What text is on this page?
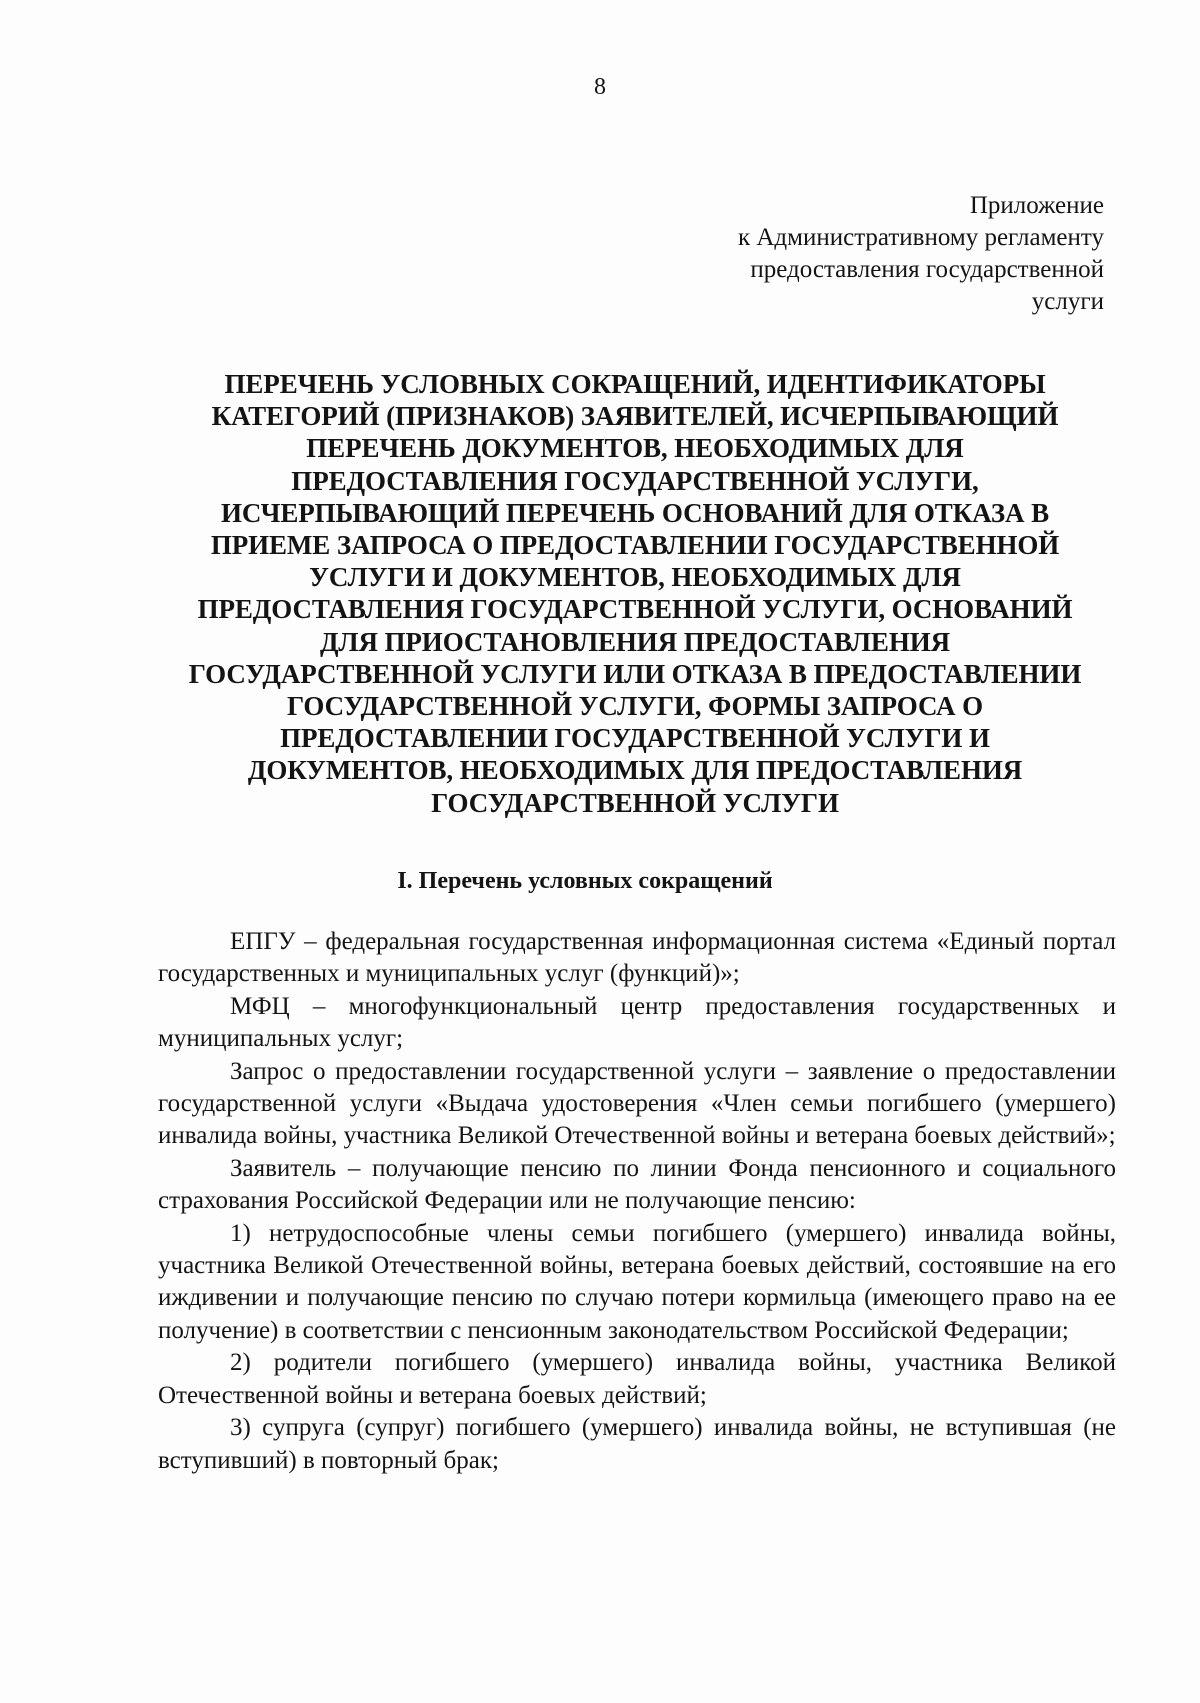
8
Приложение
к Административному регламенту
предоставления государственной
услуги
ПЕРЕЧЕНЬ УСЛОВНЫХ СОКРАЩЕНИЙ, ИДЕНТИФИКАТОРЫ
КАТЕГОРИЙ (ПРИЗНАКОВ) ЗАЯВИТЕЛЕЙ, ИСЧЕРПЫВАЮЩИЙ
ПЕРЕЧЕНЬ ДОКУМЕНТОВ, НЕОБХОДИМЫХ ДЛЯ
ПРЕДОСТАВЛЕНИЯ ГОСУДАРСТВЕННОЙ УСЛУГИ,
ИСЧЕРПЫВАЮЩИЙ ПЕРЕЧЕНЬ ОСНОВАНИЙ ДЛЯ ОТКАЗА В
ПРИЕМЕ ЗАПРОСА О ПРЕДОСТАВЛЕНИИ ГОСУДАРСТВЕННОЙ
УСЛУГИ И ДОКУМЕНТОВ, НЕОБХОДИМЫХ ДЛЯ
ПРЕДОСТАВЛЕНИЯ ГОСУДАРСТВЕННОЙ УСЛУГИ, ОСНОВАНИЙ
ДЛЯ ПРИОСТАНОВЛЕНИЯ ПРЕДОСТАВЛЕНИЯ
ГОСУДАРСТВЕННОЙ УСЛУГИ ИЛИ ОТКАЗА В ПРЕДОСТАВЛЕНИИ
ГОСУДАРСТВЕННОЙ УСЛУГИ, ФОРМЫ ЗАПРОСА О
ПРЕДОСТАВЛЕНИИ ГОСУДАРСТВЕННОЙ УСЛУГИ И
ДОКУМЕНТОВ, НЕОБХОДИМЫХ ДЛЯ ПРЕДОСТАВЛЕНИЯ
ГОСУДАРСТВЕННОЙ УСЛУГИ
I. Перечень условных сокращений

ЕПГУ – федеральная государственная информационная система «Единый портал государственных и муниципальных услуг (функций)»;

МФЦ – многофункциональный центр предоставления государственных и муниципальных услуг;

Запрос о предоставлении государственной услуги – заявление о предоставлении государственной услуги «Выдача удостоверения «Член семьи погибшего (умершего) инвалида войны, участника Великой Отечественной войны и ветерана боевых действий»;

Заявитель – получающие пенсию по линии Фонда пенсионного и социального страхования Российской Федерации или не получающие пенсию:

1) нетрудоспособные члены семьи погибшего (умершего) инвалида войны, участника Великой Отечественной войны, ветерана боевых действий, состоявшие на его иждивении и получающие пенсию по случаю потери кормильца (имеющего право на ее получение) в соответствии с пенсионным законодательством Российской Федерации;

2) родители погибшего (умершего) инвалида войны, участника Великой Отечественной войны и ветерана боевых действий;

3) супруга (супруг) погибшего (умершего) инвалида войны, не вступившая (не вступивший) в повторный брак;
